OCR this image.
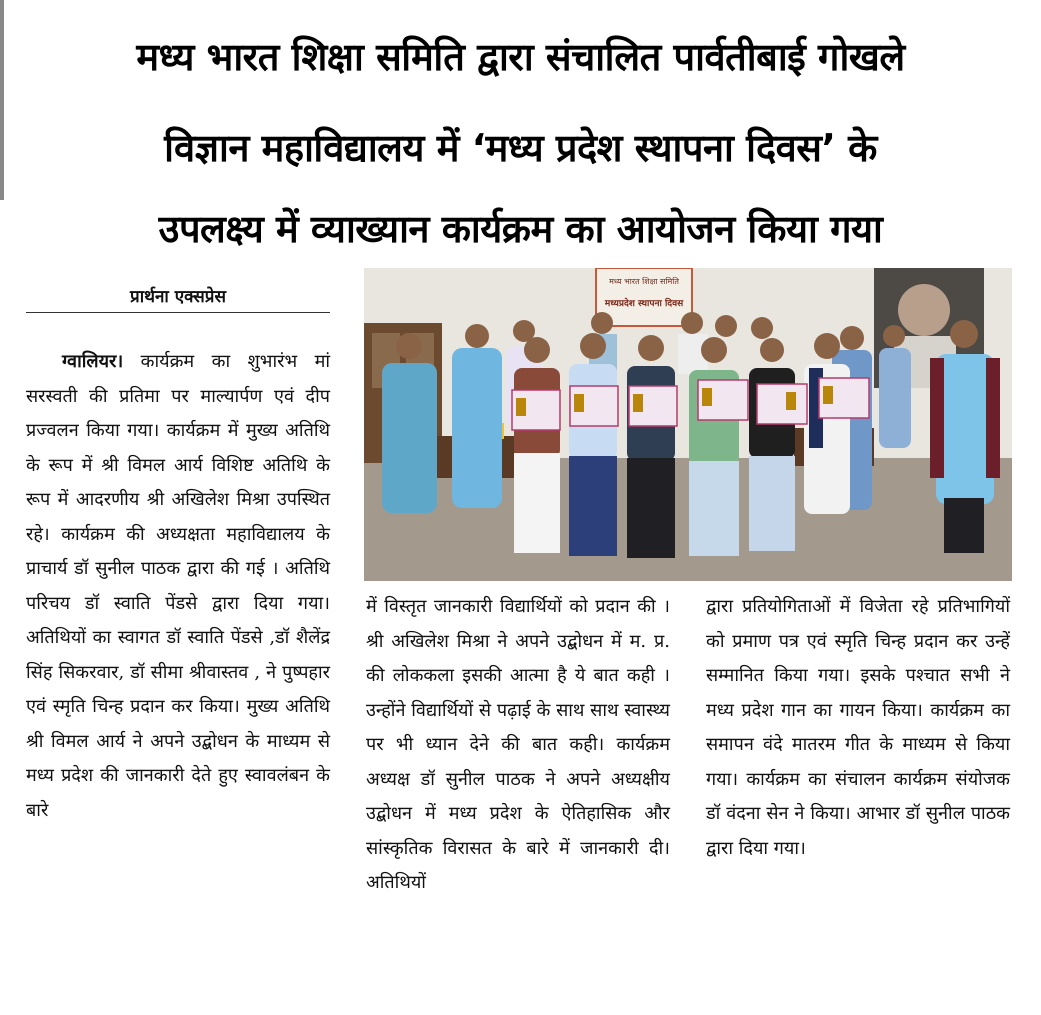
मध्य भारत शिक्षा समिति द्वारा संचालित पार्वतीबाई गोखले
विज्ञान महाविद्यालय में ‘मध्य प्रदेश स्थापना दिवस’ के
उपलक्ष्य में व्याख्यान कार्यक्रम का आयोजन किया गया
प्रार्थना एक्सप्रेस
मध्य भारत शिक्षा समिति
मध्यप्रदेश स्थापना दिवस

  ग्वालियर। कार्यक्रम का शुभारंभ मां सरस्वती की प्रतिमा पर माल्यार्पण एवं दीप प्रज्वलन किया गया। कार्यक्रम में मुख्य अतिथि के रूप में श्री विमल आर्य विशिष्ट अतिथि के रूप में आदरणीय श्री अखिलेश मिश्रा उपस्थित रहे। कार्यक्रम की अध्यक्षता महाविद्यालय के प्राचार्य डॉ सुनील पाठक द्वारा की गई । अतिथि परिचय डॉ स्वाति पेंडसे द्वारा दिया गया। अतिथियों का स्वागत डॉ स्वाति पेंडसे ,डॉ शैलेंद्र सिंह सिकरवार, डॉ सीमा श्रीवास्तव , ने पुष्पहार एवं स्मृति चिन्ह प्रदान कर किया। मुख्य अतिथि श्री विमल आर्य ने अपने उद्बोधन के माध्यम से मध्य प्रदेश की जानकारी देते हुए स्वावलंबन के बारे

में विस्तृत जानकारी विद्यार्थियों को प्रदान की । श्री अखिलेश मिश्रा ने अपने उद्बोधन में म. प्र. की लोककला इसकी आत्मा है ये बात कही । उन्होंने विद्यार्थियों से पढ़ाई के साथ साथ स्वास्थ्य पर भी ध्यान देने की बात कही। कार्यक्रम अध्यक्ष डॉ सुनील पाठक ने अपने अध्यक्षीय उद्बोधन में मध्य प्रदेश के ऐतिहासिक और सांस्कृतिक विरासत के बारे में जानकारी दी। अतिथियों

द्वारा प्रतियोगिताओं में विजेता रहे प्रतिभागियों को प्रमाण पत्र एवं स्मृति चिन्ह प्रदान कर उन्हें सम्मानित किया गया। इसके पश्चात सभी ने मध्य प्रदेश गान का गायन किया। कार्यक्रम का समापन वंदे मातरम गीत के माध्यम से किया गया। कार्यक्रम का संचालन कार्यक्रम संयोजक डॉ वंदना सेन ने किया। आभार डॉ सुनील पाठक द्वारा दिया गया।
